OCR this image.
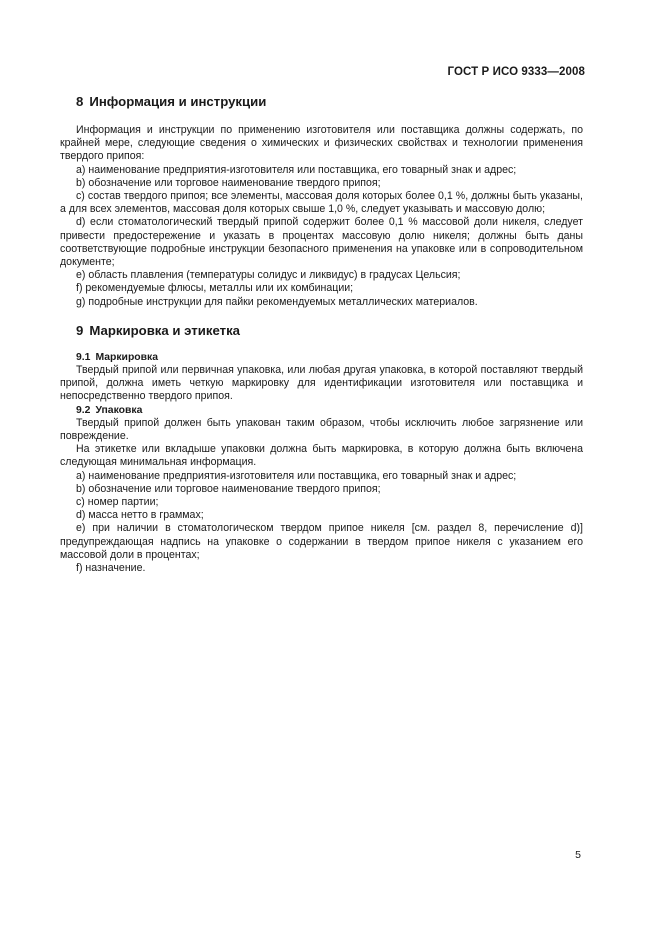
ГОСТ Р ИСО 9333—2008
8 Информация и инструкции

Информация и инструкции по применению изготовителя или поставщика должны содержать, по крайней мере, следующие сведения о химических и физических свойствах и технологии применения твердого припоя:

a) наименование предприятия-изготовителя или поставщика, его товарный знак и адрес;

b) обозначение или торговое наименование твердого припоя;

c) состав твердого припоя; все элементы, массовая доля которых более 0,1 %, должны быть указаны, а для всех элементов, массовая доля которых свыше 1,0 %, следует указывать и массовую долю;

d) если стоматологический твердый припой содержит более 0,1 % массовой доли никеля, следует привести предостережение и указать в процентах массовую долю никеля; должны быть даны соответствующие подробные инструкции безопасного применения на упаковке или в сопроводительном документе;

e) область плавления (температуры солидус и ликвидус) в градусах Цельсия;

f) рекомендуемые флюсы, металлы или их комбинации;

g) подробные инструкции для пайки рекомендуемых металлических материалов.

9 Маркировка и этикетка
9.1 Маркировка

Твердый припой или первичная упаковка, или любая другая упаковка, в которой поставляют твердый припой, должна иметь четкую маркировку для идентификации изготовителя или поставщика и непосредственно твердого припоя.

9.2 Упаковка

Твердый припой должен быть упакован таким образом, чтобы исключить любое загрязнение или повреждение.

На этикетке или вкладыше упаковки должна быть маркировка, в которую должна быть включена следующая минимальная информация.

a) наименование предприятия-изготовителя или поставщика, его товарный знак и адрес;

b) обозначение или торговое наименование твердого припоя;

c) номер партии;

d) масса нетто в граммах;

e) при наличии в стоматологическом твердом припое никеля [см. раздел 8, перечисление d)] предупреждающая надпись на упаковке о содержании в твердом припое никеля с указанием его массовой доли в процентах;

f) назначение.

5
